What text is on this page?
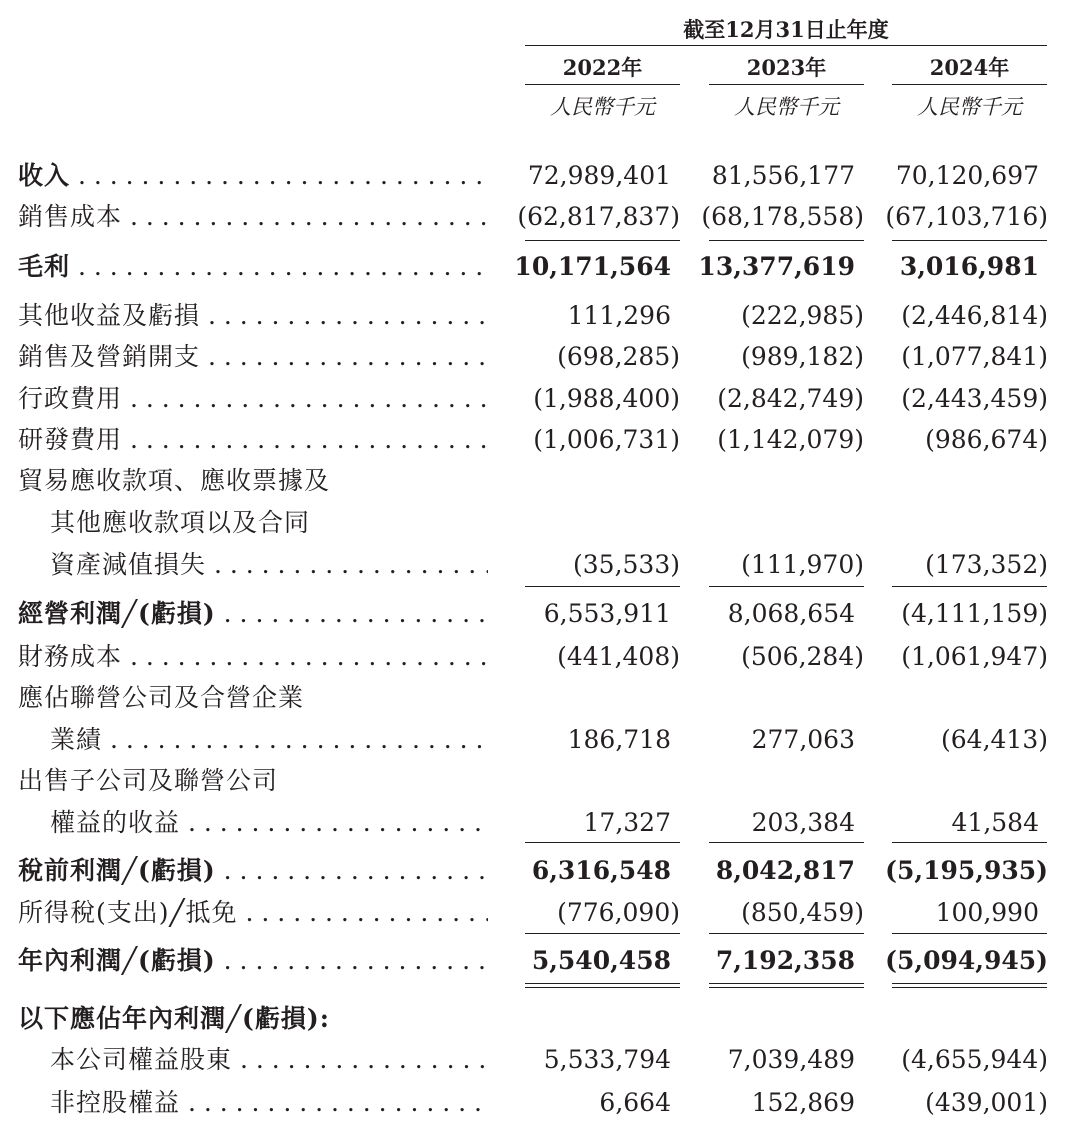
截至12月31日止年度
2022年
人民幣千元
2023年
人民幣千元
2024年
人民幣千元
收入 . . .	72,989,401	81,556,177	70,120,697
銷售成本 . . .	(62,817,837) (68,178,558) (67,103,716)
毛利 . . .	10,171,564	13,377,619	3,016,981
其他收益及虧損 . . .	111,296	(222,985)	(2,446,814)
銷售及營銷開支 . . .	(698,285)	(989,182)	(1,077,841)
行政費用 . . .	(1,988,400)	(2,842,749)	(2,443,459)
研發費用 . . .	(1,006,731)	(1,142,079)	(986,674)
貿易應收款項、應收票據及
其他應收款項以及合同
資產減值損失 . . .	(35,533)	(111,970)	(173,352)
經營利潤╱(虧損) . . .	6,553,911	8,068,654	(4,111,159)
財務成本 . . .	(441,408)	(506,284)	(1,061,947)
應佔聯營公司及合營企業
業績 . . .	186,718	277,063	(64,413)
出售子公司及聯營公司
權益的收益 . . .	17,327	203,384	41,584
稅前利潤╱(虧損) . . .	6,316,548	8,042,817	(5,195,935)
所得稅(支出)╱抵免 . . .	(776,090)	(850,459)	100,990
年內利潤╱(虧損) . . .	5,540,458	7,192,358	(5,094,945)
以下應佔年內利潤╱(虧損):
本公司權益股東 . . .	5,533,794	7,039,489	(4,655,944)
非控股權益 . . .	6,664	152,869	(439,001)
